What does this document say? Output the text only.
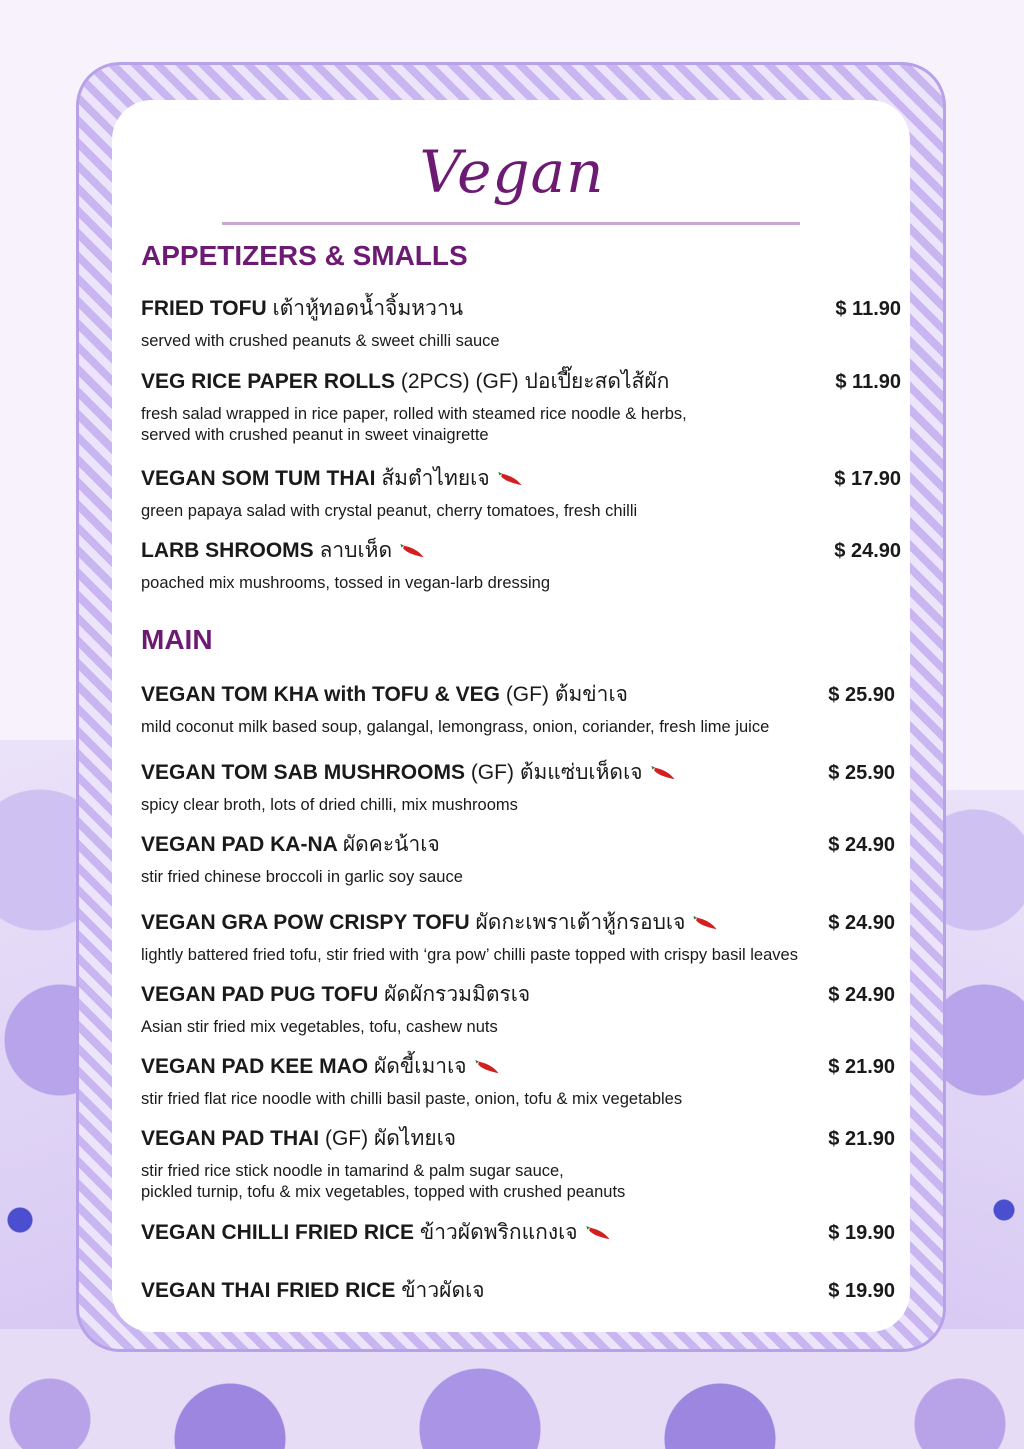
Vegan
APPETIZERS & SMALLS
FRIED TOFU เต้าหู้ทอดน้ำจิ้มหวาน	$ 11.90
served with crushed peanuts & sweet chilli sauce
VEG RICE PAPER ROLLS (2PCS) (GF) ปอเปี๊ยะสดไส้ผัก	$ 11.90
fresh salad wrapped in rice paper, rolled with steamed rice noodle & herbs,
served with crushed peanut in sweet vinaigrette
VEGAN SOM TUM THAI ส้มตำไทยเจ	$ 17.90
green papaya salad with crystal peanut, cherry tomatoes, fresh chilli
LARB SHROOMS ลาบเห็ด	$ 24.90
poached mix mushrooms, tossed in vegan-larb dressing
MAIN
VEGAN TOM KHA with TOFU & VEG (GF) ต้มข่าเจ	$ 25.90
mild coconut milk based soup, galangal, lemongrass, onion, coriander, fresh lime juice
VEGAN TOM SAB MUSHROOMS (GF) ต้มแซ่บเห็ดเจ	$ 25.90
spicy clear broth, lots of dried chilli, mix mushrooms
VEGAN PAD KA-NA ผัดคะน้าเจ	$ 24.90
stir fried chinese broccoli in garlic soy sauce
VEGAN GRA POW CRISPY TOFU ผัดกะเพราเต้าหู้กรอบเจ	$ 24.90
lightly battered fried tofu, stir fried with ‘gra pow’ chilli paste topped with crispy basil leaves
VEGAN PAD PUG TOFU ผัดผักรวมมิตรเจ	$ 24.90
Asian stir fried mix vegetables, tofu, cashew nuts
VEGAN PAD KEE MAO ผัดขี้เมาเจ	$ 21.90
stir fried flat rice noodle with chilli basil paste, onion, tofu & mix vegetables
VEGAN PAD THAI (GF) ผัดไทยเจ	$ 21.90
stir fried rice stick noodle in tamarind & palm sugar sauce,
pickled turnip, tofu & mix vegetables, topped with crushed peanuts
VEGAN CHILLI FRIED RICE ข้าวผัดพริกแกงเจ	$ 19.90
VEGAN THAI FRIED RICE ข้าวผัดเจ	$ 19.90
